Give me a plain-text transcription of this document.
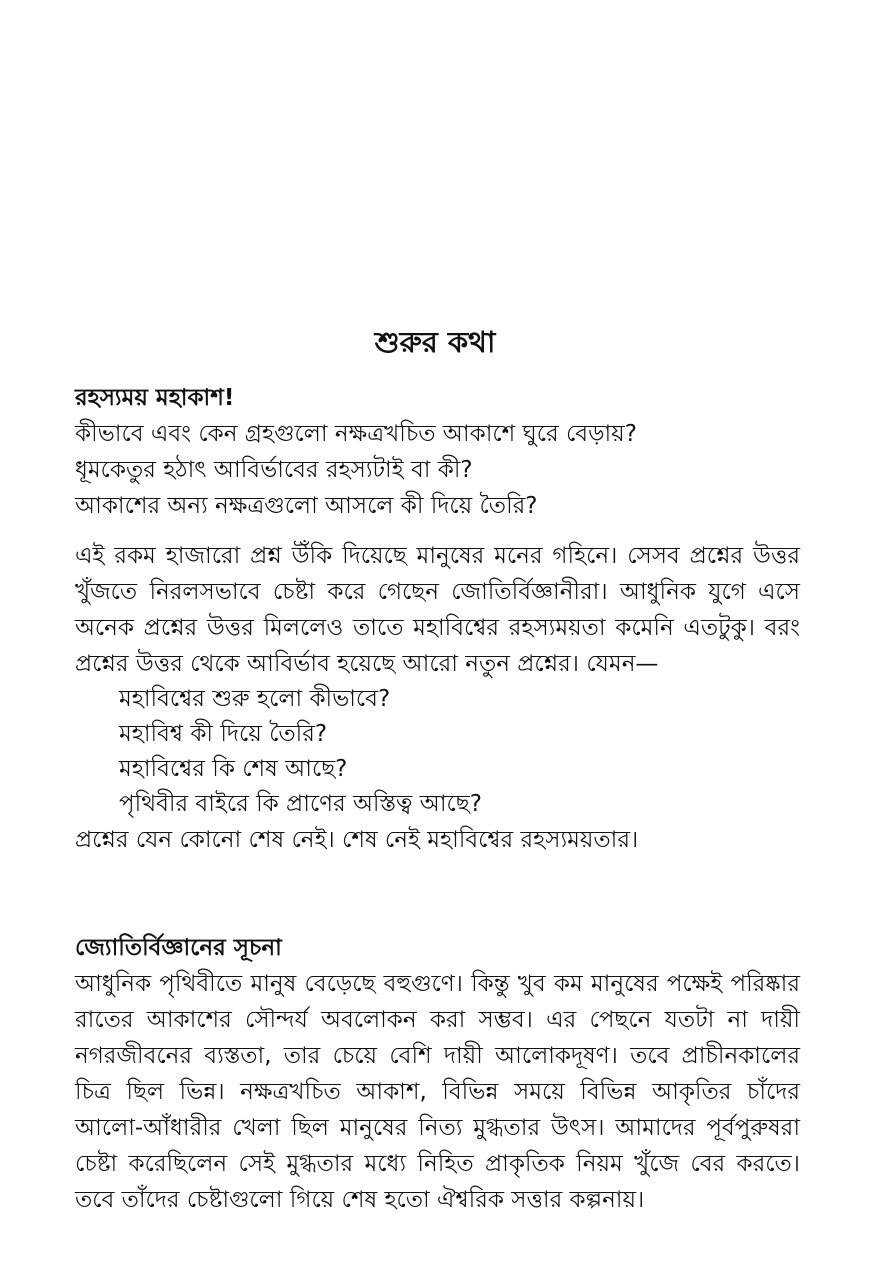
শুরুর কথা

রহস্যময় মহাকাশ!

কীভাবে এবং কেন গ্রহগুলো নক্ষত্রখচিত আকাশে ঘুরে বেড়ায়?

ধূমকেতুর হঠাৎ আবির্ভাবের রহস্যটাই বা কী?

আকাশের অন্য নক্ষত্রগুলো আসলে কী দিয়ে তৈরি?

এই রকম হাজারো প্রশ্ন উঁকি দিয়েছে মানুষের মনের গহিনে। সেসব প্রশ্নের উত্তর খুঁজতে নিরলসভাবে চেষ্টা করে গেছেন জোতির্বিজ্ঞানীরা। আধুনিক যুগে এসে অনেক প্রশ্নের উত্তর মিললেও তাতে মহাবিশ্বের রহস্যময়তা কমেনি এতটুকু। বরং প্রশ্নের উত্তর থেকে আবির্ভাব হয়েছে আরো নতুন প্রশ্নের। যেমন—

মহাবিশ্বের শুরু হলো কীভাবে?
মহাবিশ্ব কী দিয়ে তৈরি?
মহাবিশ্বের কি শেষ আছে?
পৃথিবীর বাইরে কি প্রাণের অস্তিত্ব আছে?

প্রশ্নের যেন কোনো শেষ নেই। শেষ নেই মহাবিশ্বের রহস্যময়তার।

জ্যোতির্বিজ্ঞানের সূচনা

আধুনিক পৃথিবীতে মানুষ বেড়েছে বহুগুণে। কিন্তু খুব কম মানুষের পক্ষেই পরিষ্কার রাতের আকাশের সৌন্দর্য অবলোকন করা সম্ভব। এর পেছনে যতটা না দায়ী নগরজীবনের ব্যস্ততা, তার চেয়ে বেশি দায়ী আলোকদূষণ। তবে প্রাচীনকালের চিত্র ছিল ভিন্ন। নক্ষত্রখচিত আকাশ, বিভিন্ন সময়ে বিভিন্ন আকৃতির চাঁদের আলো-আঁধারীর খেলা ছিল মানুষের নিত্য মুগ্ধতার উৎস। আমাদের পূর্বপুরুষরা চেষ্টা করেছিলেন সেই মুগ্ধতার মধ্যে নিহিত প্রাকৃতিক নিয়ম খুঁজে বের করতে। তবে তাঁদের চেষ্টাগুলো গিয়ে শেষ হতো ঐশ্বরিক সত্তার কল্পনায়।
